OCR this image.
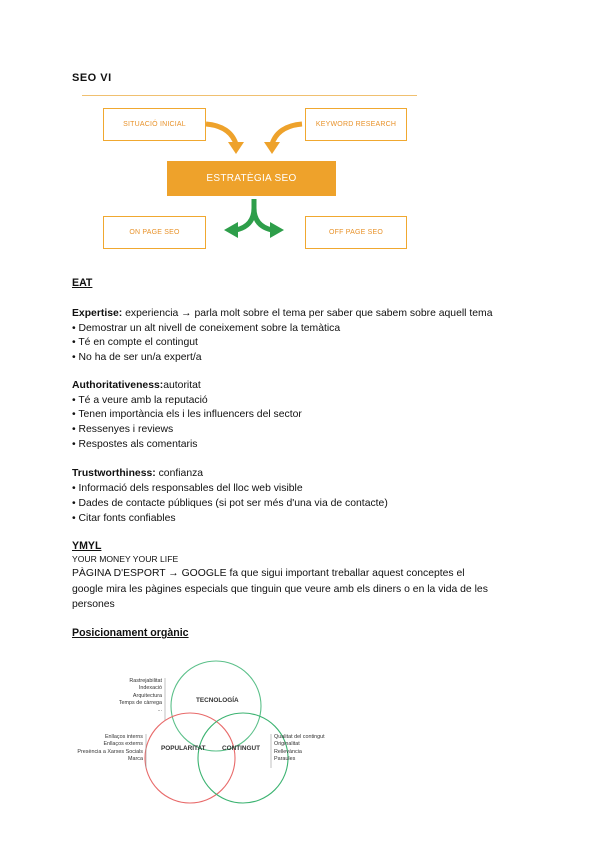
SEO VI
SITUACIÓ INICIAL	KEYWORD RESEARCH
ESTRATÈGIA SEO
ON PAGE SEO	OFF PAGE SEO
EAT
Expertise: experiencia → parla molt sobre el tema per saber que sabem sobre aquell tema
• Demostrar un alt nivell de coneixement sobre la temàtica
• Té en compte el contingut
• No ha de ser un/a expert/a
Authoritativeness:autoritat
• Té a veure amb la reputació
• Tenen importància els i les influencers del sector
• Ressenyes i reviews
• Respostes als comentaris
Trustworthiness: confianza
• Informació dels responsables del lloc web visible
• Dades de contacte públiques (si pot ser més d'una via de contacte)
• Citar fonts confiables
YMYL
YOUR MONEY YOUR LIFE
PÀGINA D'ESPORT → GOOGLE fa que sigui important treballar aquest conceptes el
google mira les pàgines especials que tinguin que veure amb els diners o en la vida de les
persones
Posicionament orgànic
TECNOLOGÍA
POPULARITAT	CONTINGUT
Rastrejabilitat
Indexació
Arquitectura
Temps de càrrega
...
Enllaços interns
Enllaços externs
Presència a Xarxes Socials
Marca
Qualitat del contingut
Originalitat
Rellevància
Paraules
